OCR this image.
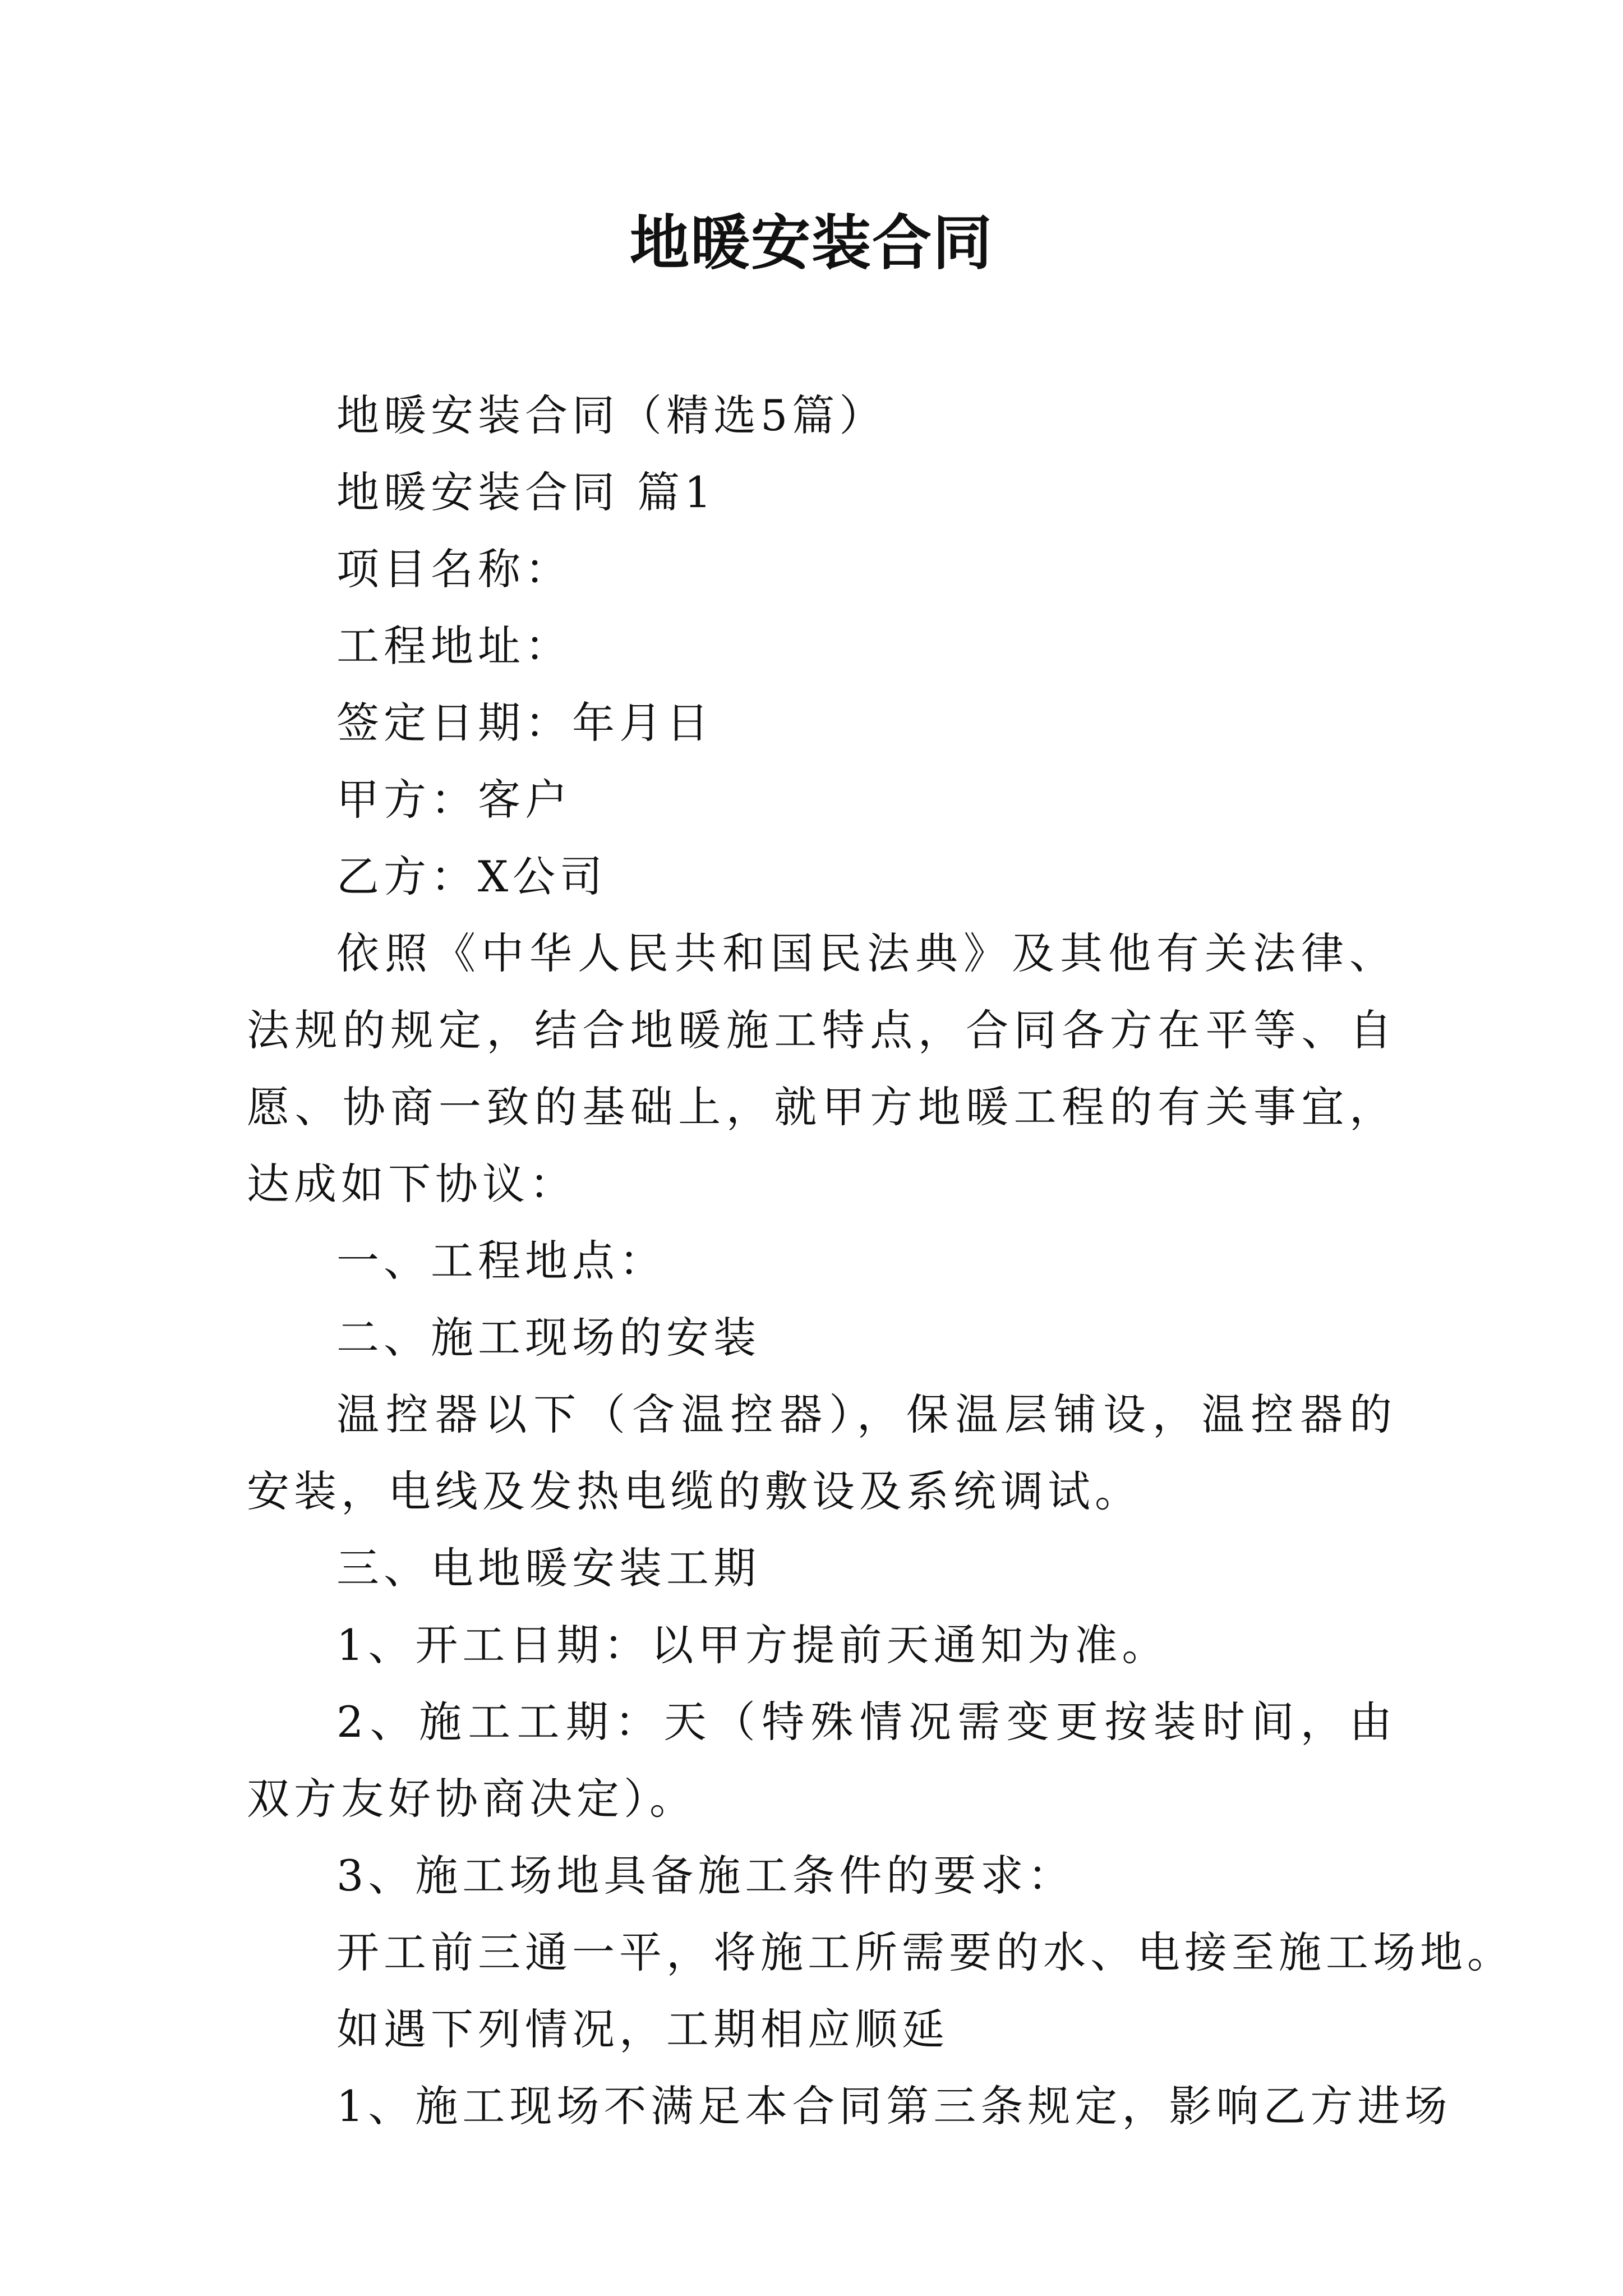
地暖安装合同

地暖安装合同（精选5篇）

地暖安装合同 篇1

项目名称：

工程地址：

签定日期：年月日

甲方：客户

乙方：X公司

依照《中华人民共和国民法典》及其他有关法律、法规的规定，结合地暖施工特点，合同各方在平等、自愿、协商一致的基础上，就甲方地暖工程的有关事宜，达成如下协议：

一、工程地点：

二、施工现场的安装

温控器以下（含温控器），保温层铺设，温控器的安装，电线及发热电缆的敷设及系统调试。

三、电地暖安装工期

1、开工日期：以甲方提前天通知为准。

2、施工工期：天（特殊情况需变更按装时间，由双方友好协商决定）。

3、施工场地具备施工条件的要求：

开工前三通一平，将施工所需要的水、电接至施工场地。

如遇下列情况，工期相应顺延

1、施工现场不满足本合同第三条规定，影响乙方进场
